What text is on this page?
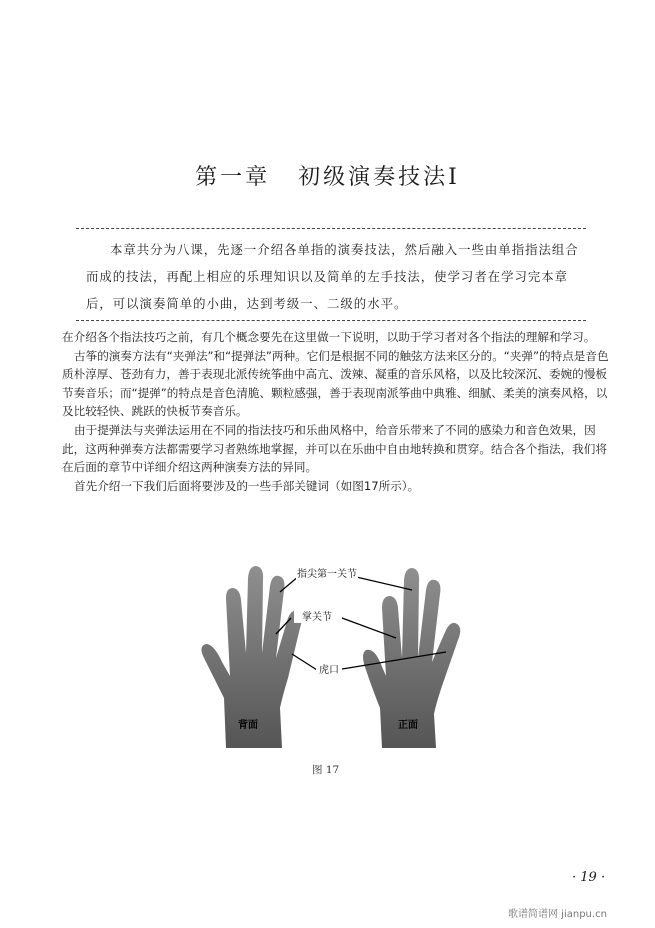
第一章 初级演奏技法Ⅰ
本章共分为八课，先逐一介绍各单指的演奏技法，然后融入一些由单指指法组合而成的技法，再配上相应的乐理知识以及简单的左手技法，使学习者在学习完本章后，可以演奏简单的小曲，达到考级一、二级的水平。

在介绍各个指法技巧之前，有几个概念要先在这里做一下说明，以助于学习者对各个指法的理解和学习。

古筝的演奏方法有“夹弹法”和“提弹法”两种。它们是根据不同的触弦方法来区分的。“夹弹”的特点是音色质朴淳厚、苍劲有力，善于表现北派传统筝曲中高亢、泼辣、凝重的音乐风格，以及比较深沉、委婉的慢板节奏音乐；而“提弹”的特点是音色清脆、颗粒感强，善于表现南派筝曲中典雅、细腻、柔美的演奏风格，以及比较轻快、跳跃的快板节奏音乐。

由于提弹法与夹弹法运用在不同的指法技巧和乐曲风格中，给音乐带来了不同的感染力和音色效果，因此，这两种弹奏方法都需要学习者熟练地掌握，并可以在乐曲中自由地转换和贯穿。结合各个指法，我们将在后面的章节中详细介绍这两种演奏方法的异同。

首先介绍一下我们后面将要涉及的一些手部关键词（如图17所示）。

指尖第一关节
掌关节
虎口
背面	正面
图 17
· 19 ·
歌谱简谱网 jianpu.cn
